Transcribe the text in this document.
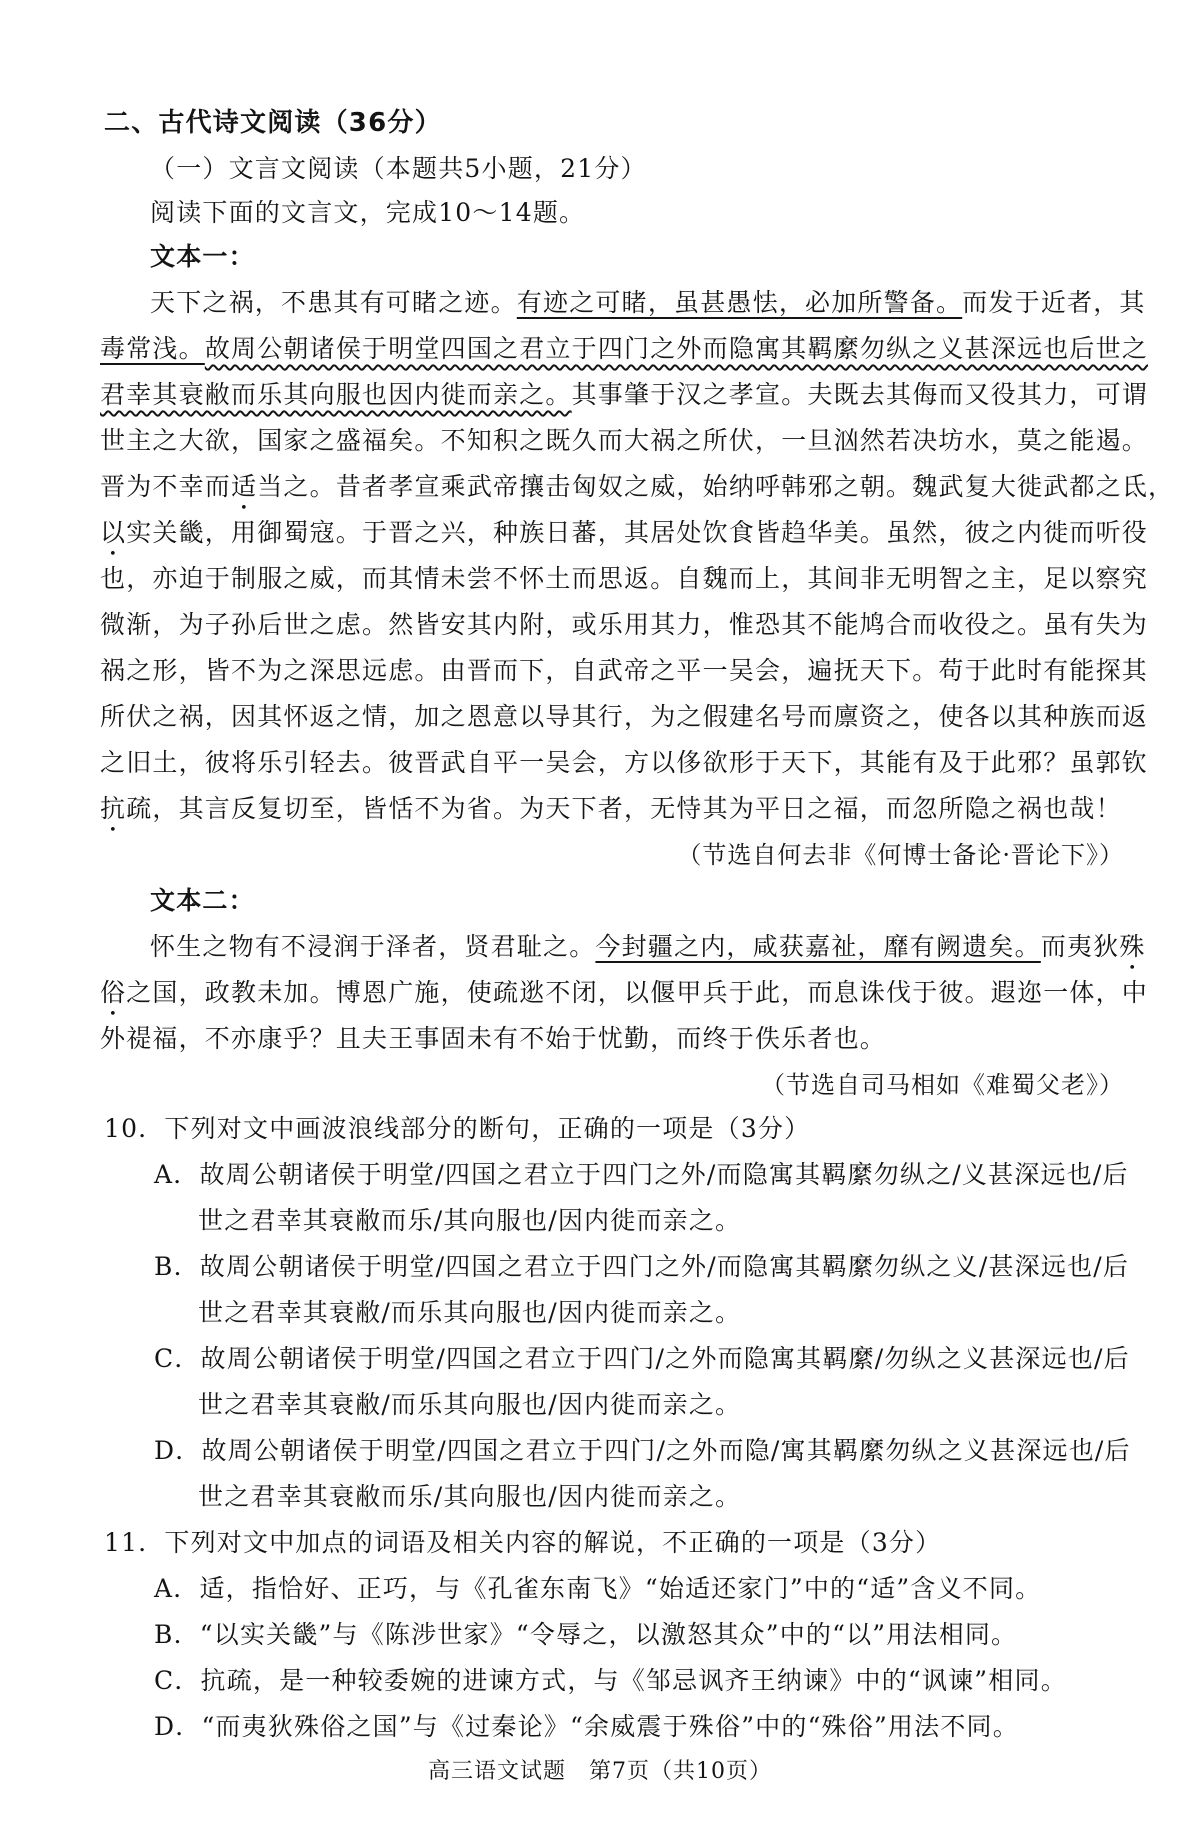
二、古代诗文阅读（36分）
（一）文言文阅读（本题共5小题，21分）
阅读下面的文言文，完成10～14题。
文本一：
天下之祸，不患其有可睹之迹。有迹之可睹，虽甚愚怯，必加所警备。而发于近者，其
毒常浅。故周公朝诸侯于明堂四国之君立于四门之外而隐寓其羁縻勿纵之义甚深远也后世之
君幸其衰敝而乐其向服也因内徙而亲之。其事肇于汉之孝宣。夫既去其侮而又役其力，可谓
世主之大欲，国家之盛福矣。不知积之既久而大祸之所伏，一旦汹然若决坊水，莫之能遏。
晋为不幸而适当之。昔者孝宣乘武帝攘击匈奴之威，始纳呼韩邪之朝。魏武复大徙武都之氐，
以实关畿，用御蜀寇。于晋之兴，种族日蕃，其居处饮食皆趋华美。虽然，彼之内徙而听役
也，亦迫于制服之威，而其情未尝不怀土而思返。自魏而上，其间非无明智之主，足以察究
微渐，为子孙后世之虑。然皆安其内附，或乐用其力，惟恐其不能鸠合而收役之。虽有失为
祸之形，皆不为之深思远虑。由晋而下，自武帝之平一吴会，遍抚天下。苟于此时有能探其
所伏之祸，因其怀返之情，加之恩意以导其行，为之假建名号而廪资之，使各以其种族而返
之旧土，彼将乐引轻去。彼晋武自平一吴会，方以侈欲形于天下，其能有及于此邪？虽郭钦
抗疏，其言反复切至，皆恬不为省。为天下者，无恃其为平日之福，而忽所隐之祸也哉！
（节选自何去非《何博士备论·晋论下》）
文本二：
怀生之物有不浸润于泽者，贤君耻之。今封疆之内，咸获嘉祉，靡有阙遗矣。而夷狄殊
俗之国，政教未加。博恩广施，使疏逖不闭，以偃甲兵于此，而息诛伐于彼。遐迩一体，中
外禔福，不亦康乎？且夫王事固未有不始于忧勤，而终于佚乐者也。
（节选自司马相如《难蜀父老》）
10．下列对文中画波浪线部分的断句，正确的一项是（3分）
A．故周公朝诸侯于明堂/四国之君立于四门之外/而隐寓其羁縻勿纵之/义甚深远也/后
世之君幸其衰敝而乐/其向服也/因内徙而亲之。
B．故周公朝诸侯于明堂/四国之君立于四门之外/而隐寓其羁縻勿纵之义/甚深远也/后
世之君幸其衰敝/而乐其向服也/因内徙而亲之。
C．故周公朝诸侯于明堂/四国之君立于四门/之外而隐寓其羁縻/勿纵之义甚深远也/后
世之君幸其衰敝/而乐其向服也/因内徙而亲之。
D．故周公朝诸侯于明堂/四国之君立于四门/之外而隐/寓其羁縻勿纵之义甚深远也/后
世之君幸其衰敝而乐/其向服也/因内徙而亲之。
11．下列对文中加点的词语及相关内容的解说，不正确的一项是（3分）
A．适，指恰好、正巧，与《孔雀东南飞》“始适还家门”中的“适”含义不同。
B．“以实关畿”与《陈涉世家》“令辱之，以激怒其众”中的“以”用法相同。
C．抗疏，是一种较委婉的进谏方式，与《邹忌讽齐王纳谏》中的“讽谏”相同。
D．“而夷狄殊俗之国”与《过秦论》“余威震于殊俗”中的“殊俗”用法不同。
高三语文试题　第7页（共10页）
